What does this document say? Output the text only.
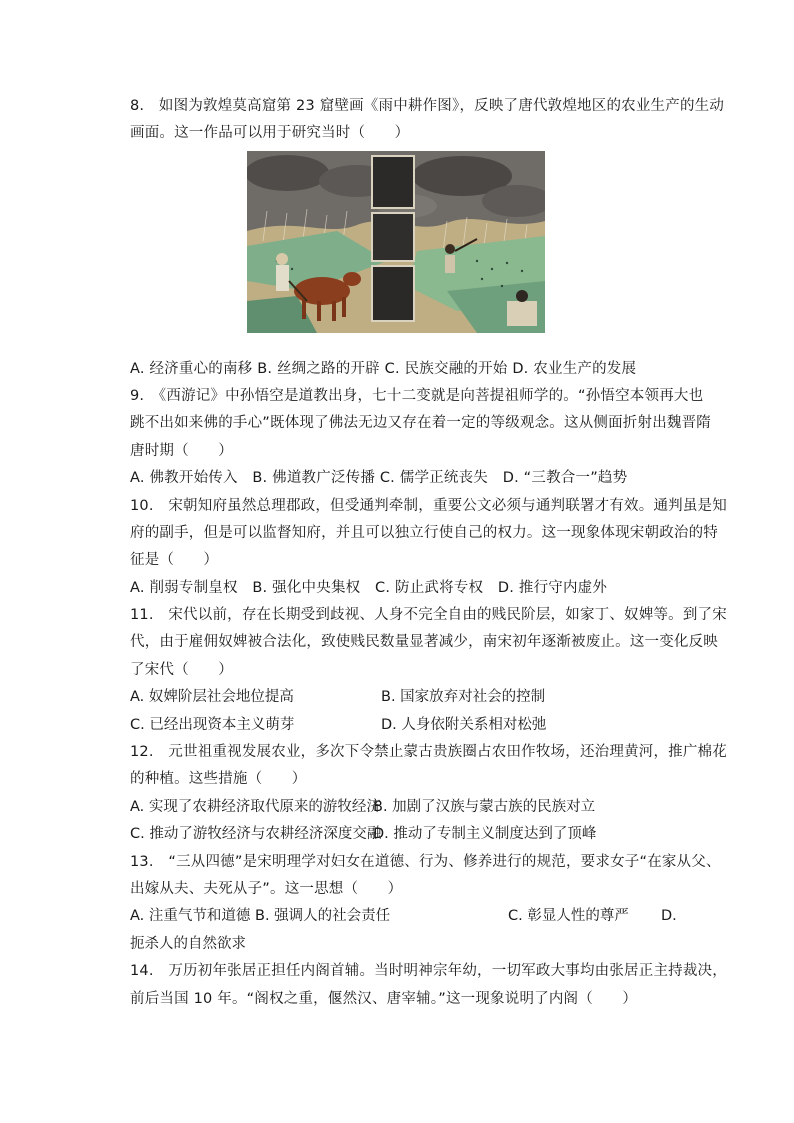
8.　如图为敦煌莫高窟第 23 窟壁画《雨中耕作图》，反映了唐代敦煌地区的农业生产的生动
画面。这一作品可以用于研究当时（　　）
A. 经济重心的南移 B. 丝绸之路的开辟 C. 民族交融的开始 D. 农业生产的发展
9.　《西游记》中孙悟空是道教出身，七十二变就是向菩提祖师学的。“孙悟空本领再大也
跳不出如来佛的手心”既体现了佛法无边又存在着一定的等级观念。这从侧面折射出魏晋隋
唐时期（　　）
A. 佛教开始传入　B. 佛道教广泛传播 C. 儒学正统丧失　D. “三教合一”趋势
10.　宋朝知府虽然总理郡政，但受通判牵制，重要公文必须与通判联署才有效。通判虽是知
府的副手，但是可以监督知府，并且可以独立行使自己的权力。这一现象体现宋朝政治的特
征是（　　）
A. 削弱专制皇权　B. 强化中央集权　C. 防止武将专权　D. 推行守内虚外
11.　宋代以前，存在长期受到歧视、人身不完全自由的贱民阶层，如家丁、奴婢等。到了宋
代，由于雇佣奴婢被合法化，致使贱民数量显著减少，南宋初年逐渐被废止。这一变化反映
了宋代（　　）
A. 奴婢阶层社会地位提高	B. 国家放弃对社会的控制
C. 已经出现资本主义萌芽	D. 人身依附关系相对松弛
12.　元世祖重视发展农业，多次下令禁止蒙古贵族圈占农田作牧场，还治理黄河，推广棉花
的种植。这些措施（　　）
A. 实现了农耕经济取代原来的游牧经济
B. 加剧了汉族与蒙古族的民族对立
C. 推动了游牧经济与农耕经济深度交融
D. 推动了专制主义制度达到了顶峰
13.　“三从四德”是宋明理学对妇女在道德、行为、修养进行的规范，要求女子“在家从父、
出嫁从夫、夫死从子”。这一思想（　　）
A. 注重气节和道德 B. 强调人的社会责任	C. 彰显人性的尊严 D.
扼杀人的自然欲求
14.　万历初年张居正担任内阁首辅。当时明神宗年幼，一切军政大事均由张居正主持裁决，
前后当国 10 年。“阁权之重，偃然汉、唐宰辅。”这一现象说明了内阁（　　）
